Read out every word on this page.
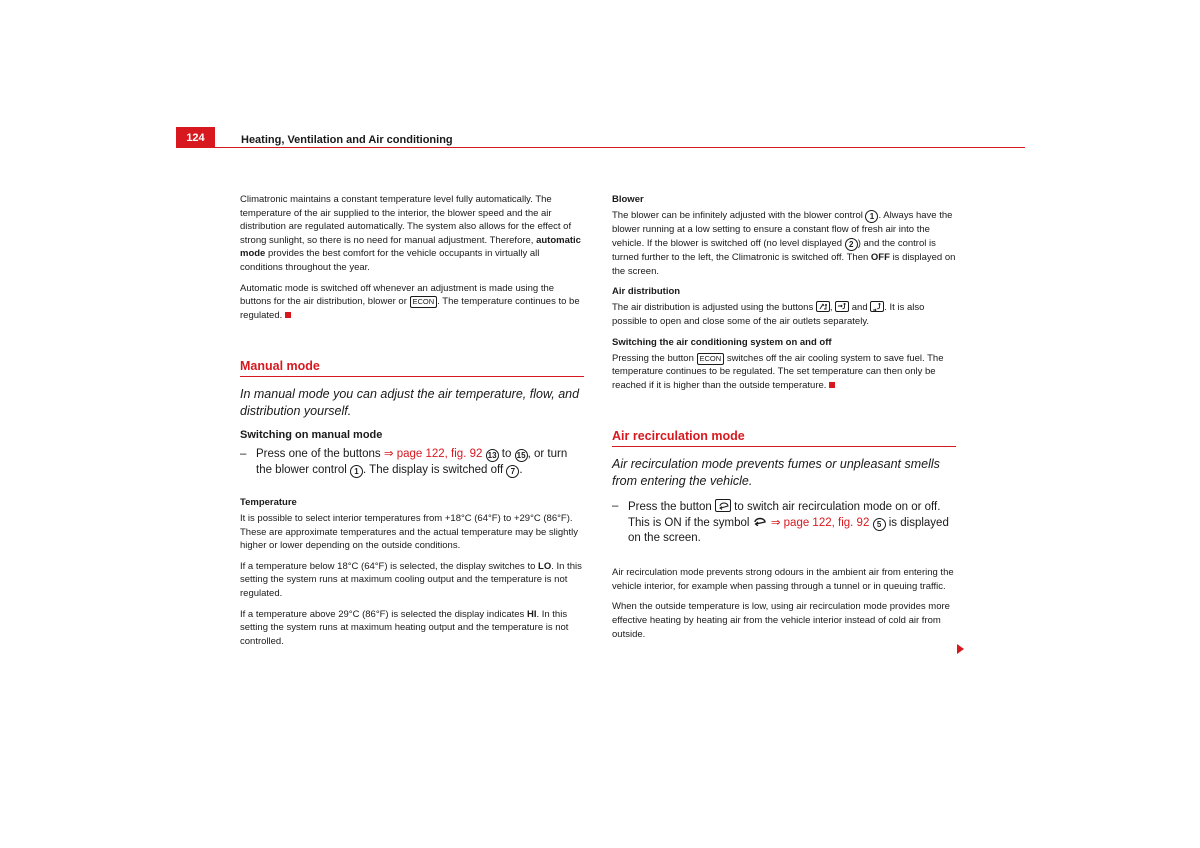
124	Heating, Ventilation and Air conditioning

Climatronic maintains a constant temperature level fully automatically. The temperature of the air supplied to the interior, the blower speed and the air distribution are regulated automatically. The system also allows for the effect of strong sunlight, so there is no need for manual adjustment. Therefore, automatic mode provides the best comfort for the vehicle occupants in virtually all conditions throughout the year.

Automatic mode is switched off whenever an adjustment is made using the buttons for the air distribution, blower or ECON . The temperature continues to be regulated.

Manual mode
In manual mode you can adjust the air temperature, flow, and distribution yourself.
Switching on manual mode
– Press one of the buttons ⇒ page 122, fig. 92 13 to 15 , or turn the blower control 1 . The display is switched off 7 .
Temperature

It is possible to select interior temperatures from +18°C (64°F) to +29°C (86°F). These are approximate temperatures and the actual temperature may be slightly higher or lower depending on the outside conditions.

If a temperature below 18°C (64°F) is selected, the display switches to LO. In this setting the system runs at maximum cooling output and the temperature is not regulated.

If a temperature above 29°C (86°F) is selected the display indicates HI. In this setting the system runs at maximum heating output and the temperature is not controlled.

Blower

The blower can be infinitely adjusted with the blower control 1 . Always have the blower running at a low setting to ensure a constant flow of fresh air into the vehicle. If the blower is switched off (no level displayed 2 ) and the control is turned further to the left, the Climatronic is switched off. Then OFF is displayed on the screen.

Air distribution

The air distribution is adjusted using the buttons , and . It is also possible to open and close some of the air outlets separately.

Switching the air conditioning system on and off

Pressing the button ECON switches off the air cooling system to save fuel. The temperature continues to be regulated. The set temperature can then only be reached if it is higher than the outside temperature.

Air recirculation mode
Air recirculation mode prevents fumes or unpleasant smells from entering the vehicle.
– Press the button to switch air recirculation mode on or off. This is ON if the symbol ⇒ page 122, fig. 92 5 is displayed on the screen.

Air recirculation mode prevents strong odours in the ambient air from entering the vehicle interior, for example when passing through a tunnel or in queuing traffic.

When the outside temperature is low, using air recirculation mode provides more effective heating by heating air from the vehicle interior instead of cold air from outside.
